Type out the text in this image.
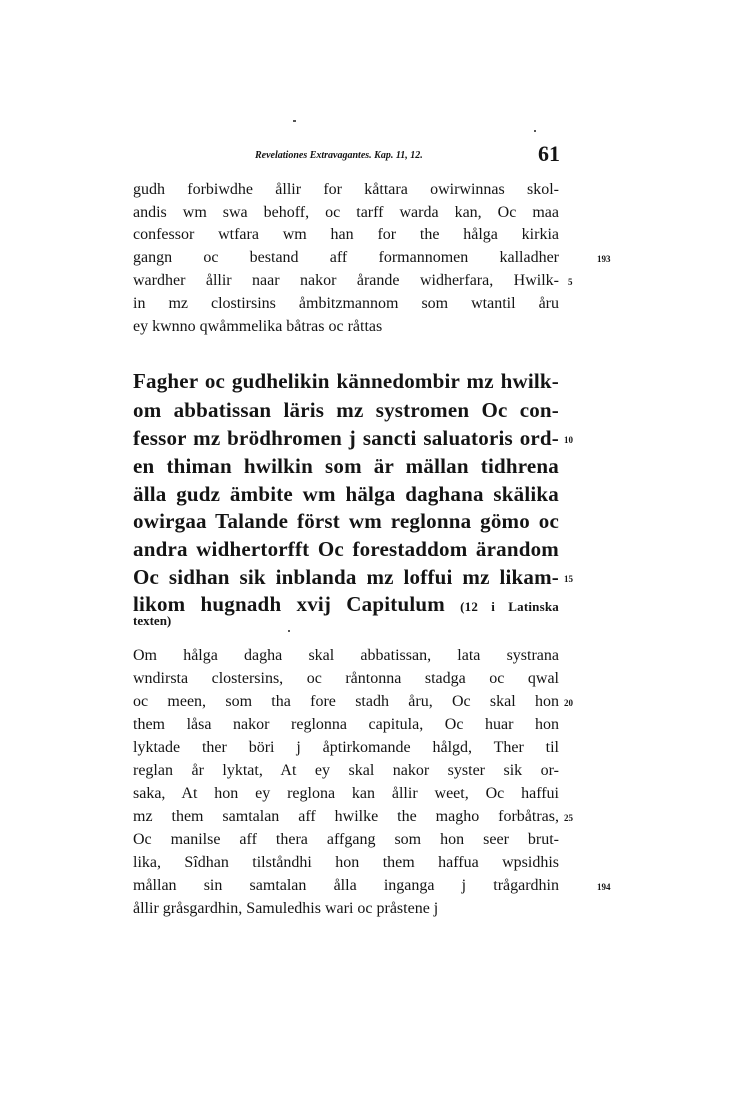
Revelationes Extravagantes. Kap. 11, 12.	61
gudh forbiwdhe ållir for kåttara owirwinnas skol-
andis wm swa behoff, oc tarff warda kan, Oc maa
confessor wtfara wm han for the hålga kirkia
gangn oc bestand aff formannomen kalladher
wardher ållir naar nakor årande widherfara, Hwilk-
in mz clostirsins åmbitzmannom som wtantil åru
ey kwnno qwåmmelika båtras oc råttas
Fagher oc gudhelikin kännedombir mz hwilk-
om abbatissan läris mz systromen Oc con-
fessor mz brödhromen j sancti saluatoris ord-
en thiman hwilkin som är mällan tidhrena
älla gudz ämbite wm hälga daghana skälika
owirgaa Talande först wm reglonna gömo oc
andra widhertorfft Oc forestaddom ärandom
Oc sidhan sik inblanda mz loffui mz likam-
likom hugnadh xvij Capitulum (12 i Latinska
texten)
Om hålga dagha skal abbatissan, lata systrana
wndirsta clostersins, oc råntonna stadga oc qwal
oc meen, som tha fore stadh åru, Oc skal hon
them låsa nakor reglonna capitula, Oc huar hon
lyktade ther böri j åptirkomande hålgd, Ther til
reglan år lyktat, At ey skal nakor syster sik or-
saka, At hon ey reglona kan ållir weet, Oc haffui
mz them samtalan aff hwilke the magho forbåtras,
Oc manilse aff thera affgang som hon seer brut-
lika, Sîdhan tilståndhi hon them haffua wpsidhis
mållan sin samtalan ålla inganga j trågardhin
ållir gråsgardhin, Samuledhis wari oc pråstene j
193
5
10
15
20
25
194
